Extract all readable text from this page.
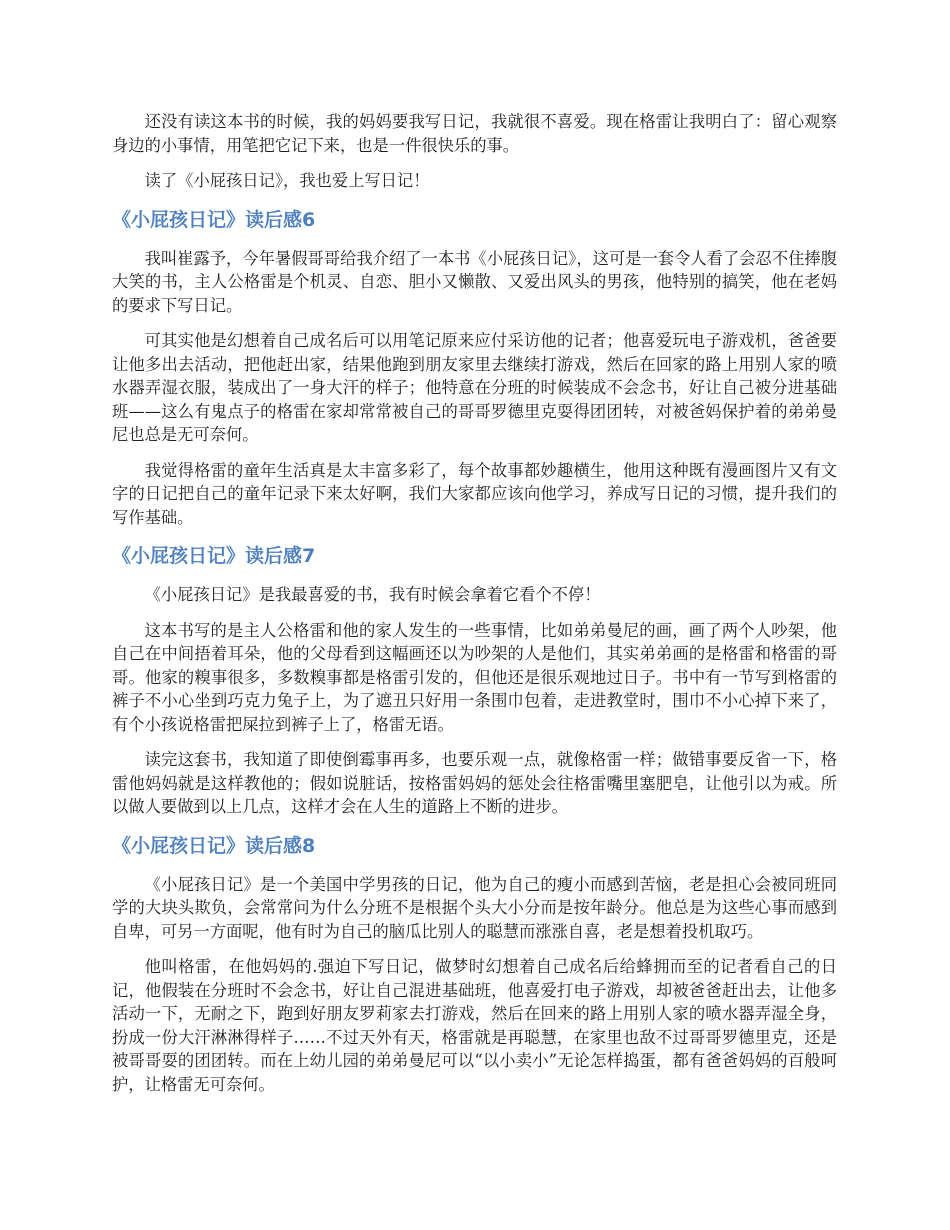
还没有读这本书的时候，我的妈妈要我写日记，我就很不喜爱。现在格雷让我明白了：留心观察身边的小事情，用笔把它记下来，也是一件很快乐的事。

读了《小屁孩日记》，我也爱上写日记！

《小屁孩日记》读后感6

我叫崔露予，今年暑假哥哥给我介绍了一本书《小屁孩日记》，这可是一套令人看了会忍不住捧腹大笑的书，主人公格雷是个机灵、自恋、胆小又懒散、又爱出风头的男孩，他特别的搞笑，他在老妈的要求下写日记。

可其实他是幻想着自己成名后可以用笔记原来应付采访他的记者；他喜爱玩电子游戏机，爸爸要让他多出去活动，把他赶出家，结果他跑到朋友家里去继续打游戏，然后在回家的路上用别人家的喷水器弄湿衣服，装成出了一身大汗的样子；他特意在分班的时候装成不会念书，好让自己被分进基础班——这么有鬼点子的格雷在家却常常被自己的哥哥罗德里克耍得团团转，对被爸妈保护着的弟弟曼尼也总是无可奈何。

我觉得格雷的童年生活真是太丰富多彩了，每个故事都妙趣横生，他用这种既有漫画图片又有文字的日记把自己的童年记录下来太好啊，我们大家都应该向他学习，养成写日记的习惯，提升我们的写作基础。

《小屁孩日记》读后感7

《小屁孩日记》是我最喜爱的书，我有时候会拿着它看个不停！

这本书写的是主人公格雷和他的家人发生的一些事情，比如弟弟曼尼的画，画了两个人吵架，他自己在中间捂着耳朵，他的父母看到这幅画还以为吵架的人是他们，其实弟弟画的是格雷和格雷的哥哥。他家的糗事很多，多数糗事都是格雷引发的，但他还是很乐观地过日子。书中有一节写到格雷的裤子不小心坐到巧克力兔子上，为了遮丑只好用一条围巾包着，走进教堂时，围巾不小心掉下来了，有个小孩说格雷把屎拉到裤子上了，格雷无语。

读完这套书，我知道了即使倒霉事再多，也要乐观一点，就像格雷一样；做错事要反省一下，格雷他妈妈就是这样教他的；假如说脏话，按格雷妈妈的惩处会往格雷嘴里塞肥皂，让他引以为戒。所以做人要做到以上几点，这样才会在人生的道路上不断的进步。

《小屁孩日记》读后感8

《小屁孩日记》是一个美国中学男孩的日记，他为自己的瘦小而感到苦恼，老是担心会被同班同学的大块头欺负，会常常问为什么分班不是根据个头大小分而是按年龄分。他总是为这些心事而感到自卑，可另一方面呢，他有时为自己的脑瓜比别人的聪慧而涨涨自喜，老是想着投机取巧。

他叫格雷，在他妈妈的.强迫下写日记，做梦时幻想着自己成名后给蜂拥而至的记者看自己的日记，他假装在分班时不会念书，好让自己混进基础班，他喜爱打电子游戏，却被爸爸赶出去，让他多活动一下，无耐之下，跑到好朋友罗莉家去打游戏，然后在回来的路上用别人家的喷水器弄湿全身，扮成一份大汗淋淋得样子……不过天外有天，格雷就是再聪慧，在家里也敌不过哥哥罗德里克，还是被哥哥耍的团团转。而在上幼儿园的弟弟曼尼可以“以小卖小”无论怎样捣蛋，都有爸爸妈妈的百般呵护，让格雷无可奈何。
